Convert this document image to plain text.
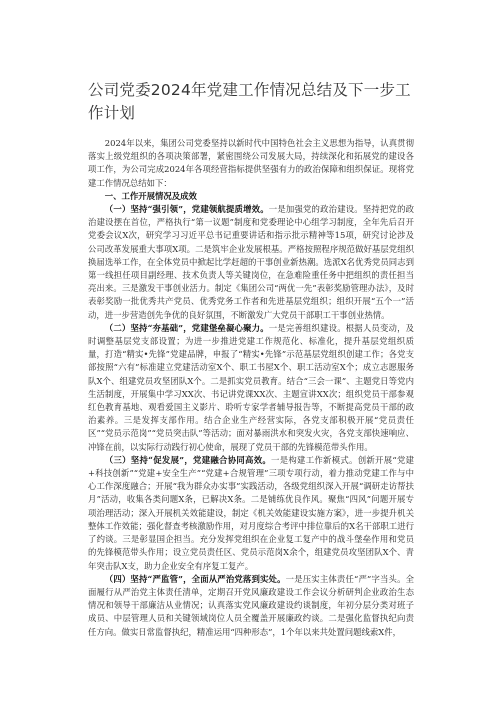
公司党委2024年党建工作情况总结及下一步工作计划

2024年以来，集团公司党委坚持以新时代中国特色社会主义思想为指导，认真贯彻落实上级党组织的各项决策部署，紧密围绕公司发展大局，持续深化和拓展党的建设各项工作，为公司完成2024年各项经营指标提供坚强有力的政治保障和组织保证。现将党建工作情况总结如下：

一、工作开展情况及成效

（一）坚持“强引领”，党建领航提质增效。一是加强党的政治建设。坚持把党的政治建设摆在首位，严格执行“第一议题”制度和党委理论中心组学习制度，全年先后召开党委会议X次，研究学习习近平总书记重要讲话和指示批示精神等15项，研究讨论涉及公司改革发展重大事项X项。二是筑牢企业发展根基。严格按照程序规范做好基层党组织换届选举工作，在全体党员中掀起比学赶超的干事创业新热潮。选派X名优秀党员同志到第一线担任项目副经理、技术负责人等关键岗位，在急难险重任务中把组织的责任担当亮出来。三是激发干事创业活力。制定《集团公司“两优一先”表彰奖励管理办法》，及时表彰奖励一批优秀共产党员、优秀党务工作者和先进基层党组织；组织开展“五个一”活动，进一步营造创先争优的良好氛围，不断激发广大党员干部职工干事创业热情。

（二）坚持“夯基础”，党建堡垒凝心聚力。一是完善组织建设。根据人员变动，及时调整基层党支部设置；为进一步推进党建工作规范化、标准化，提升基层党组织质量，打造“精实•先锋”党建品牌，申报了“精实•先锋”示范基层党组织创建工作；各党支部按照“六有”标准建立党建活动室X个、职工书屋X个、职工活动室X个；成立志愿服务队X个、组建党员攻坚团队X个。二是抓实党员教育。结合“三会一课”、主题党日等党内生活制度，开展集中学习XX次、书记讲党课XX次、主题宣讲XX次；组织党员干部参观红色教育基地、观看爱国主义影片、聆听专家学者辅导报告等，不断提高党员干部的政治素养。三是发挥支部作用。结合企业生产经营实际，各党支部积极开展“党员责任区”“党员示范岗”“党员突击队”等活动；面对暴雨洪水和突发火灾，各党支部快速响应、冲锋在前，以实际行动践行初心使命，展现了党员干部的先锋模范带头作用。

（三）坚持“促发展”，党建融合协同高效。一是构建工作新模式。创新开展“党建+科技创新”“党建+安全生产”“党建+合规管理”三项专项行动，着力推动党建工作与中心工作深度融合；开展“我为群众办实事”实践活动，各级党组织深入开展“调研走访帮扶月”活动，收集各类问题X条，已解决X条。二是铺练优良作风。聚焦“四风”问题开展专项治理活动；深入开展机关效能建设，制定《机关效能建设实施方案》，进一步提升机关整体工作效能；强化督查考核激励作用，对月度综合考评中排位靠后的X名干部职工进行了约谈。三是彰显国企担当。充分发挥党组织在企业复工复产中的战斗堡垒作用和党员的先锋模范带头作用；设立党员责任区、党员示范岗X余个，组建党员攻坚团队X个、青年突击队X支，助力企业安全有序复工复产。

（四）坚持“严监管”，全面从严治党落到实处。一是压实主体责任“严”字当头。全面履行从严治党主体责任清单，定期召开党风廉政建设工作会议分析研判企业政治生态情况和领导干部廉洁从业情况；认真落实党风廉政建设约谈制度，年初分层分类对班子成员、中层管理人员和关键领域岗位人员全覆盖开展廉政约谈。二是强化监督执纪向责任方向。做实日常监督执纪，精准运用“四种形态”，1个年以来共处置问题线索X件，
